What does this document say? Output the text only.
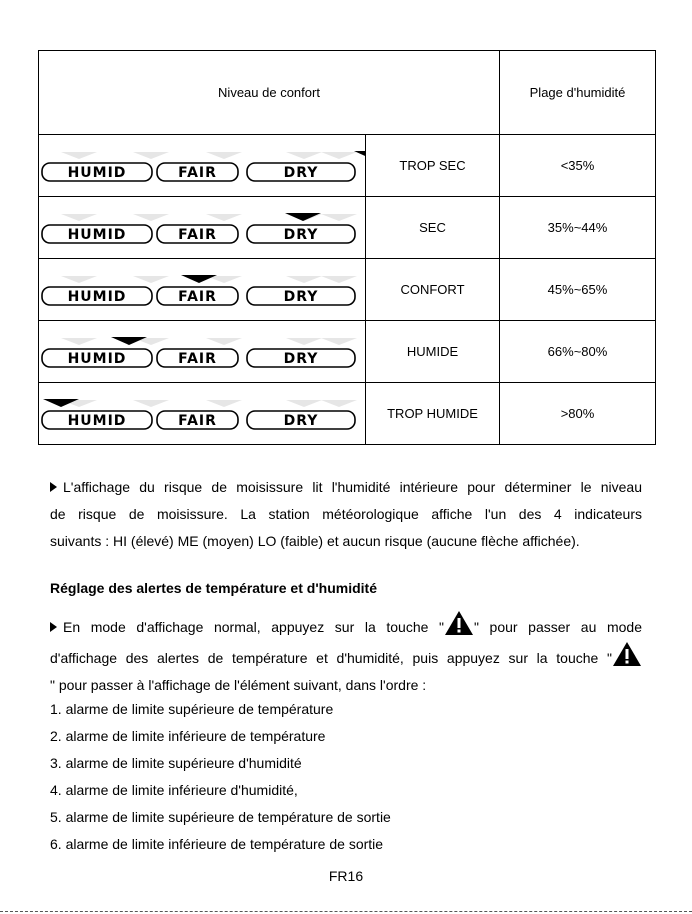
Niveau de confort		Plage d'humidité

HUMID FAIR DRY	TROP SEC	<35%

HUMID FAIR DRY	SEC	35%~44%

HUMID FAIR DRY	CONFORT	45%~65%

HUMID FAIR DRY	HUMIDE	66%~80%

HUMID FAIR DRY	TROP HUMIDE	>80%
L'affichage du risque de moisissure lit l'humidité intérieure pour déterminer le niveau
de risque de moisissure. La station météorologique affiche l'un des 4 indicateurs
suivants : HI (élevé) ME (moyen) LO (faible) et aucun risque (aucune flèche affichée).
Réglage des alertes de température et d'humidité
En mode d'affichage normal, appuyez sur la touche " " pour passer au mode
d'affichage des alertes de température et d'humidité, puis appuyez sur la touche "
" pour passer à l'affichage de l'élément suivant, dans l'ordre :
1. alarme de limite supérieure de température
2. alarme de limite inférieure de température
3. alarme de limite supérieure d'humidité
4. alarme de limite inférieure d'humidité,
5. alarme de limite supérieure de température de sortie
6. alarme de limite inférieure de température de sortie
FR16
